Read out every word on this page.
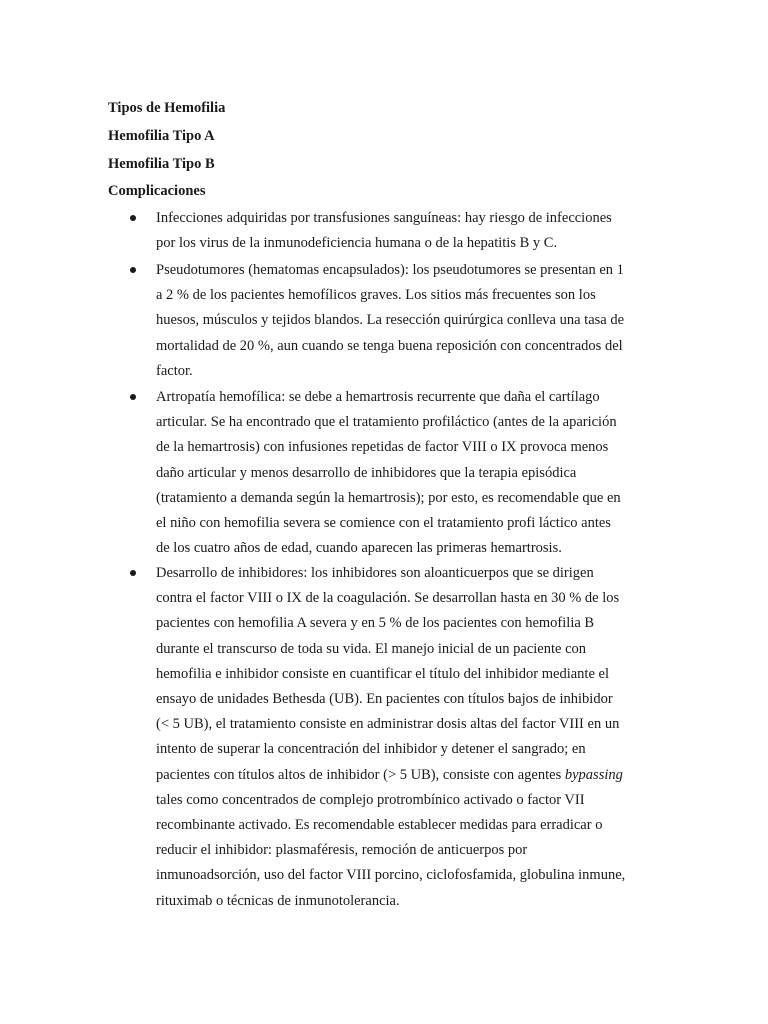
Tipos de Hemofilia

Hemofilia Tipo A

Hemofilia Tipo B

Complicaciones

Infecciones adquiridas por transfusiones sanguíneas: hay riesgo de infecciones
por los virus de la inmunodeficiencia humana o de la hepatitis B y C.
Pseudotumores (hematomas encapsulados): los pseudotumores se presentan en 1
a 2 % de los pacientes hemofílicos graves. Los sitios más frecuentes son los
huesos, músculos y tejidos blandos. La resección quirúrgica conlleva una tasa de
mortalidad de 20 %, aun cuando se tenga buena reposición con concentrados del
factor.
Artropatía hemofílica: se debe a hemartrosis recurrente que daña el cartílago
articular. Se ha encontrado que el tratamiento profiláctico (antes de la aparición
de la hemartrosis) con infusiones repetidas de factor VIII o IX provoca menos
daño articular y menos desarrollo de inhibidores que la terapia episódica
(tratamiento a demanda según la hemartrosis); por esto, es recomendable que en
el niño con hemofilia severa se comience con el tratamiento profi láctico antes
de los cuatro años de edad, cuando aparecen las primeras hemartrosis.
Desarrollo de inhibidores: los inhibidores son aloanticuerpos que se dirigen
contra el factor VIII o IX de la coagulación. Se desarrollan hasta en 30 % de los
pacientes con hemofilia A severa y en 5 % de los pacientes con hemofilia B
durante el transcurso de toda su vida. El manejo inicial de un paciente con
hemofilia e inhibidor consiste en cuantificar el título del inhibidor mediante el
ensayo de unidades Bethesda (UB). En pacientes con títulos bajos de inhibidor
(< 5 UB), el tratamiento consiste en administrar dosis altas del factor VIII en un
intento de superar la concentración del inhibidor y detener el sangrado; en
pacientes con títulos altos de inhibidor (> 5 UB), consiste con agentes bypassing
tales como concentrados de complejo protrombínico activado o factor VII
recombinante activado. Es recomendable establecer medidas para erradicar o
reducir el inhibidor: plasmaféresis, remoción de anticuerpos por
inmunoadsorción, uso del factor VIII porcino, ciclofosfamida, globulina inmune,
rituximab o técnicas de inmunotolerancia.
